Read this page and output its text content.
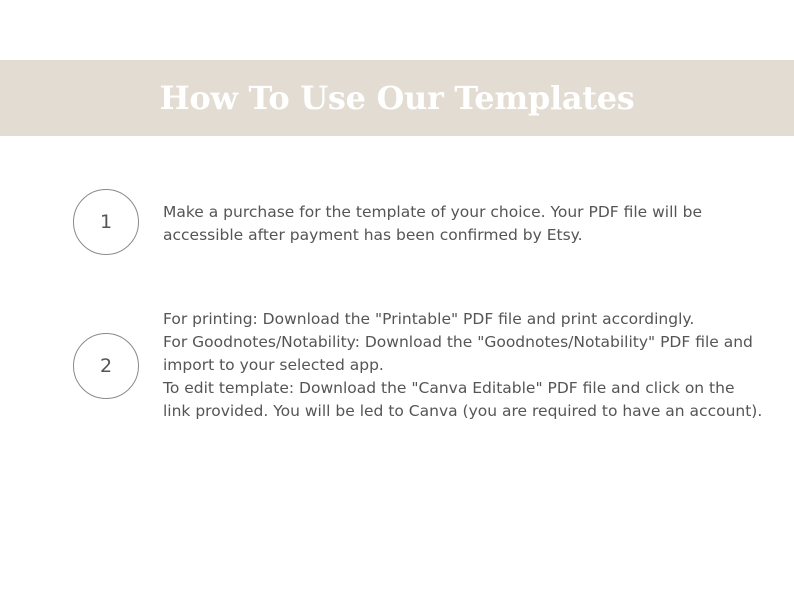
How To Use Our Templates
1	Make a purchase for the template of your choice. Your PDF file will be accessible after payment has been confirmed by Etsy.

2

For printing: Download the "Printable" PDF file and print accordingly.

For Goodnotes/Notability: Download the "Goodnotes/Notability" PDF file and import to your selected app.

To edit template: Download the "Canva Editable" PDF file and click on the link provided. You will be led to Canva (you are required to have an account).
